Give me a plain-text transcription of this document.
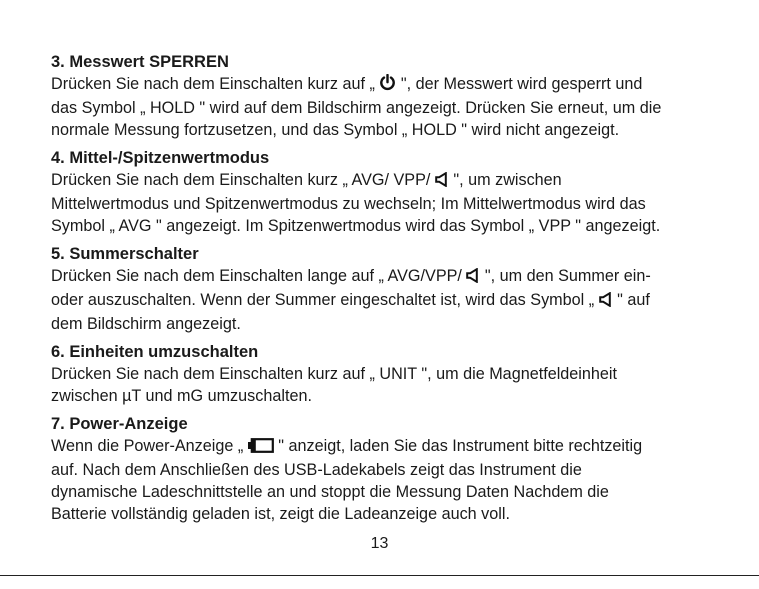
3. Messwert SPERREN
Drücken Sie nach dem Einschalten kurz auf „  ", der Messwert wird gesperrt und
das Symbol „ HOLD " wird auf dem Bildschirm angezeigt. Drücken Sie erneut, um die
normale Messung fortzusetzen, und das Symbol „ HOLD " wird nicht angezeigt.
4. Mittel-/Spitzenwertmodus
Drücken Sie nach dem Einschalten kurz „ AVG/ VPP/  ", um zwischen
Mittelwertmodus und Spitzenwertmodus zu wechseln; Im Mittelwertmodus wird das
Symbol „ AVG " angezeigt. Im Spitzenwertmodus wird das Symbol „ VPP " angezeigt.
5. Summerschalter
Drücken Sie nach dem Einschalten lange auf „ AVG/VPP/  ", um den Summer ein-
oder auszuschalten. Wenn der Summer eingeschaltet ist, wird das Symbol „  " auf
dem Bildschirm angezeigt.
6. Einheiten umzuschalten
Drücken Sie nach dem Einschalten kurz auf „ UNIT ", um die Magnetfeldeinheit
zwischen µT und mG umzuschalten.
7. Power-Anzeige
Wenn die Power-Anzeige „  " anzeigt, laden Sie das Instrument bitte rechtzeitig
auf. Nach dem Anschließen des USB-Ladekabels zeigt das Instrument die
dynamische Ladeschnittstelle an und stoppt die Messung Daten Nachdem die
Batterie vollständig geladen ist, zeigt die Ladeanzeige auch voll.
13
